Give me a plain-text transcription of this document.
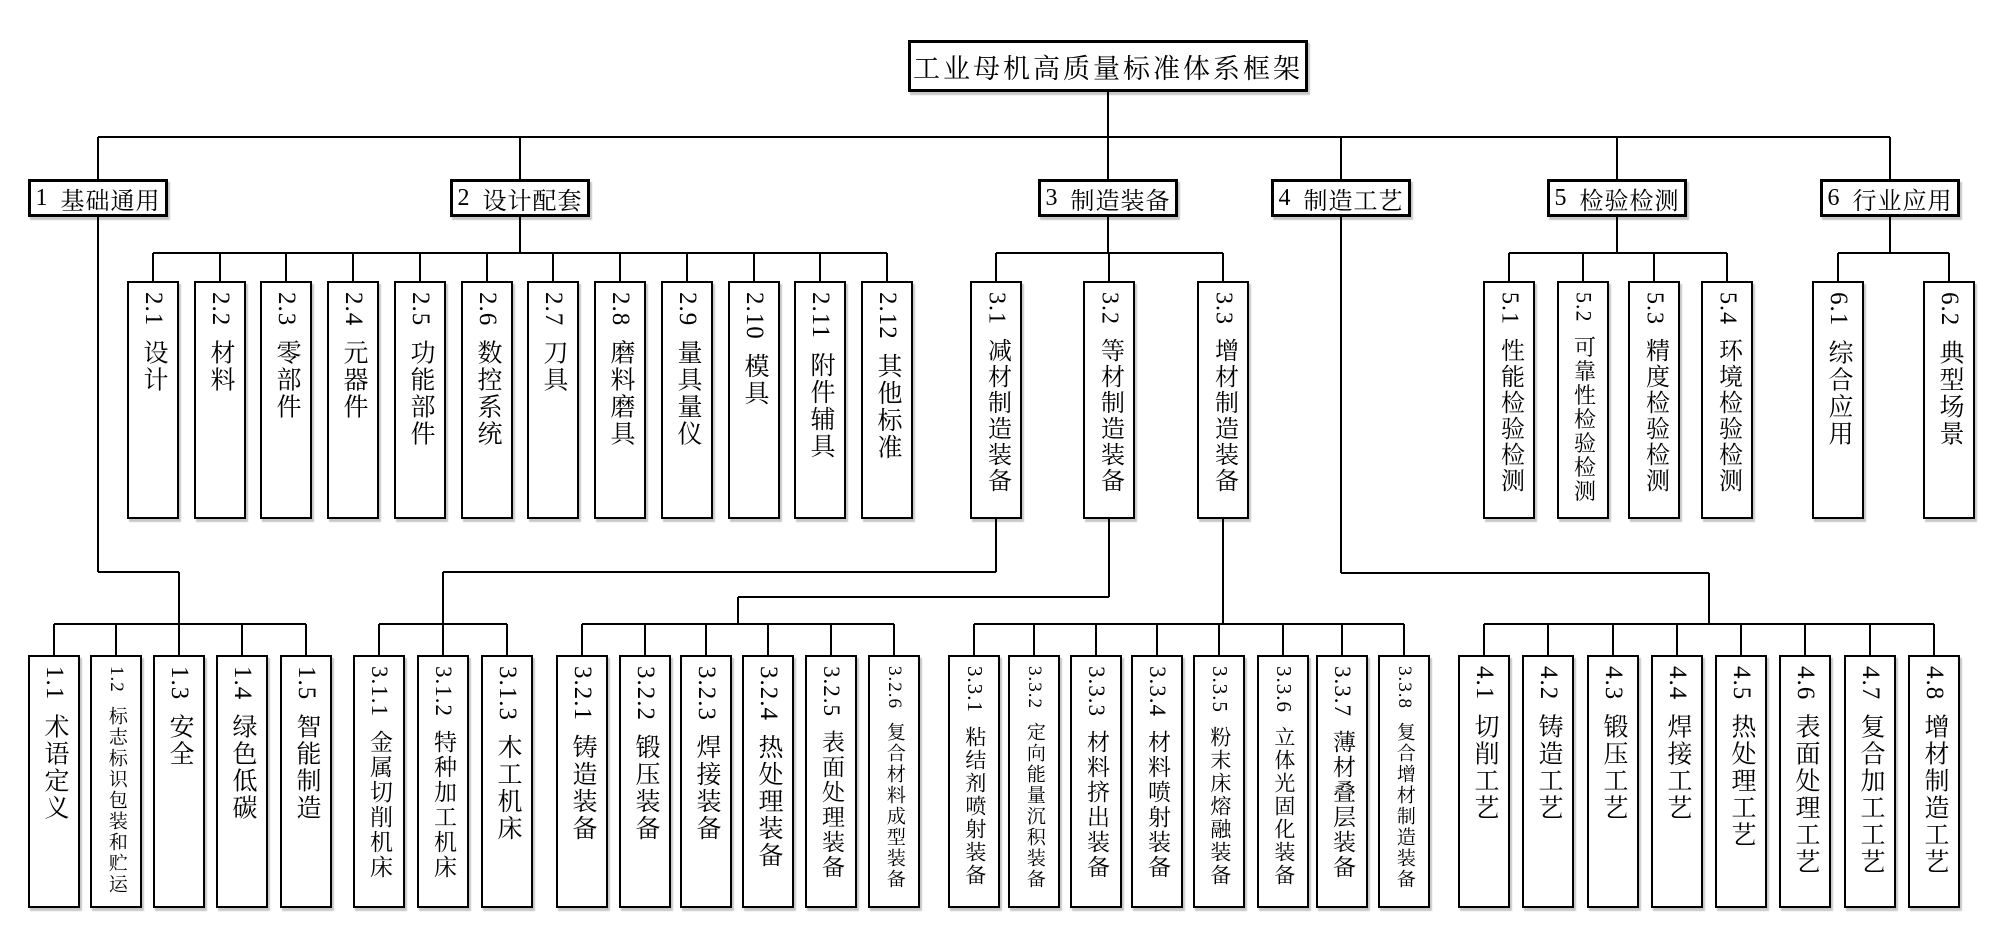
工业母机高质量标准体系框架
1 基础通用	2 设计配套	3 制造装备	4 制造工艺	5 检验检测	6 行业应用
2.1设计
2.2材料
2.3零部件
2.4元器件
2.5功能部件
2.6数控系统
2.7刀具
2.8磨料磨具
2.9量具量仪
2.10模具
2.11附件辅具
2.12其他标准
3.1减材制造装备
3.2等材制造装备
3.3增材制造装备
5.1性能检验检测
5.2可靠性检验检测
5.3精度检验检测
5.4环境检验检测
6.1综合应用
6.2典型场景
1.1术语定义
1.2标志标识包装和贮运
1.3安全
1.4绿色低碳
1.5智能制造
3.1.1金属切削机床
3.1.2特种加工机床
3.1.3木工机床
3.2.1铸造装备
3.2.2锻压装备
3.2.3焊接装备
3.2.4热处理装备
3.2.5表面处理装备
3.2.6复合材料成型装备
3.3.1粘结剂喷射装备
3.3.2定向能量沉积装备
3.3.3材料挤出装备
3.3.4材料喷射装备
3.3.5粉末床熔融装备
3.3.6立体光固化装备
3.3.7薄材叠层装备
3.3.8复合增材制造装备
4.1切削工艺
4.2铸造工艺
4.3锻压工艺
4.4焊接工艺
4.5热处理工艺
4.6表面处理工艺
4.7复合加工工艺
4.8增材制造工艺
